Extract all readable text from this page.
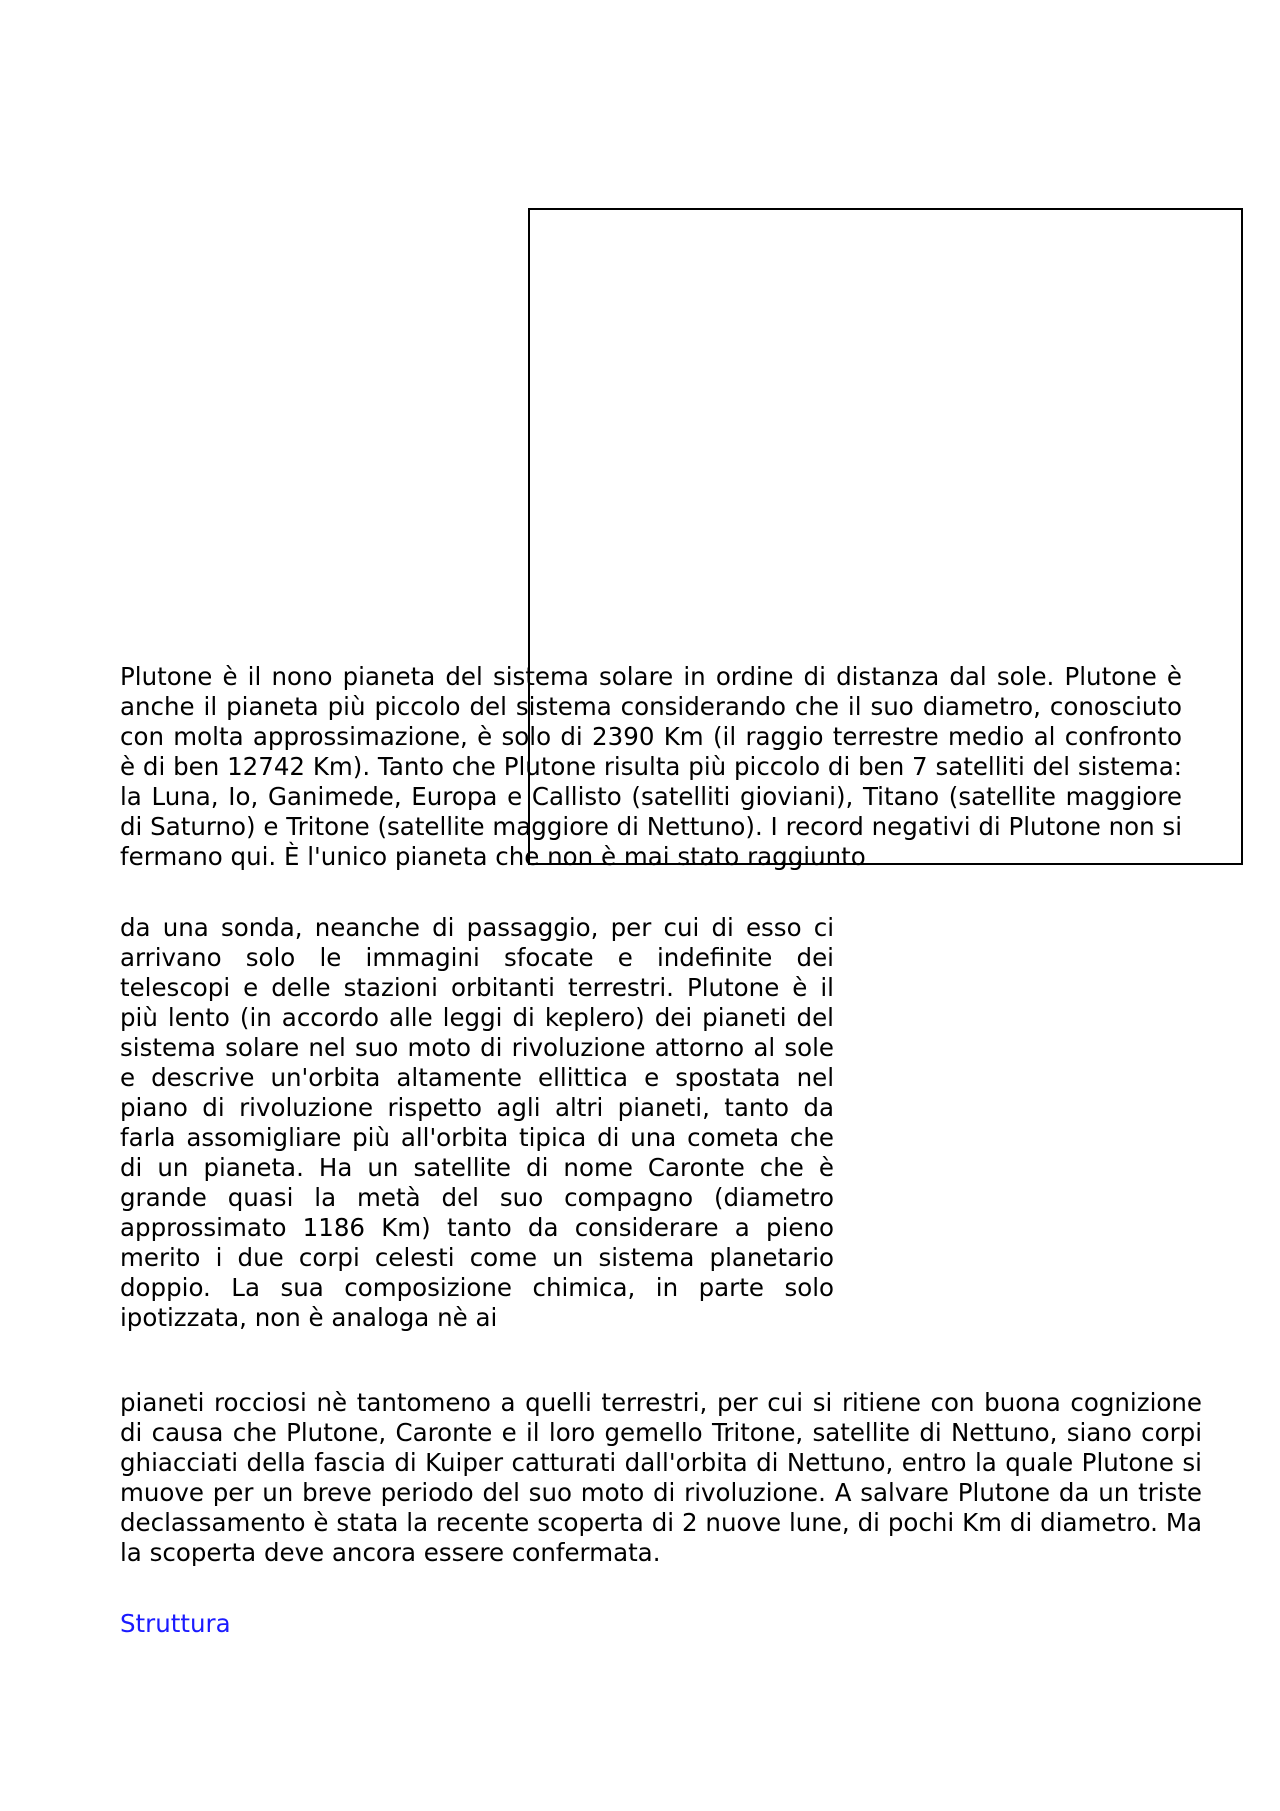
Plutone è il nono pianeta del sistema solare in ordine di distanza dal sole. Plutone è anche il pianeta più piccolo del sistema considerando che il suo diametro, conosciuto con molta approssimazione, è solo di 2390 Km (il raggio terrestre medio al confronto è di ben 12742 Km). Tanto che Plutone risulta più piccolo di ben 7 satelliti del sistema: la Luna, Io, Ganimede, Europa e Callisto (satelliti gioviani), Titano (satellite maggiore di Saturno) e Tritone (satellite maggiore di Nettuno). I record negativi di Plutone non si fermano qui. È l'unico pianeta che non è mai stato raggiunto

da una sonda, neanche di passaggio, per cui di esso ci arrivano solo le immagini sfocate e indefinite dei telescopi e delle stazioni orbitanti terrestri. Plutone è il più lento (in accordo alle leggi di keplero) dei pianeti del sistema solare nel suo moto di rivoluzione attorno al sole e descrive un'orbita altamente ellittica e spostata nel piano di rivoluzione rispetto agli altri pianeti, tanto da farla assomigliare più all'orbita tipica di una cometa che di un pianeta. Ha un satellite di nome Caronte che è grande quasi la metà del suo compagno (diametro approssimato 1186 Km) tanto da considerare a pieno merito i due corpi celesti come un sistema planetario doppio. La sua composizione chimica, in parte solo ipotizzata, non è analoga nè ai

pianeti rocciosi nè tantomeno a quelli terrestri, per cui si ritiene con buona cognizione di causa che Plutone, Caronte e il loro gemello Tritone, satellite di Nettuno, siano corpi ghiacciati della fascia di Kuiper catturati dall'orbita di Nettuno, entro la quale Plutone si muove per un breve periodo del suo moto di rivoluzione. A salvare Plutone da un triste declassamento è stata la recente scoperta di 2 nuove lune, di pochi Km di diametro. Ma la scoperta deve ancora essere confermata.

Struttura
